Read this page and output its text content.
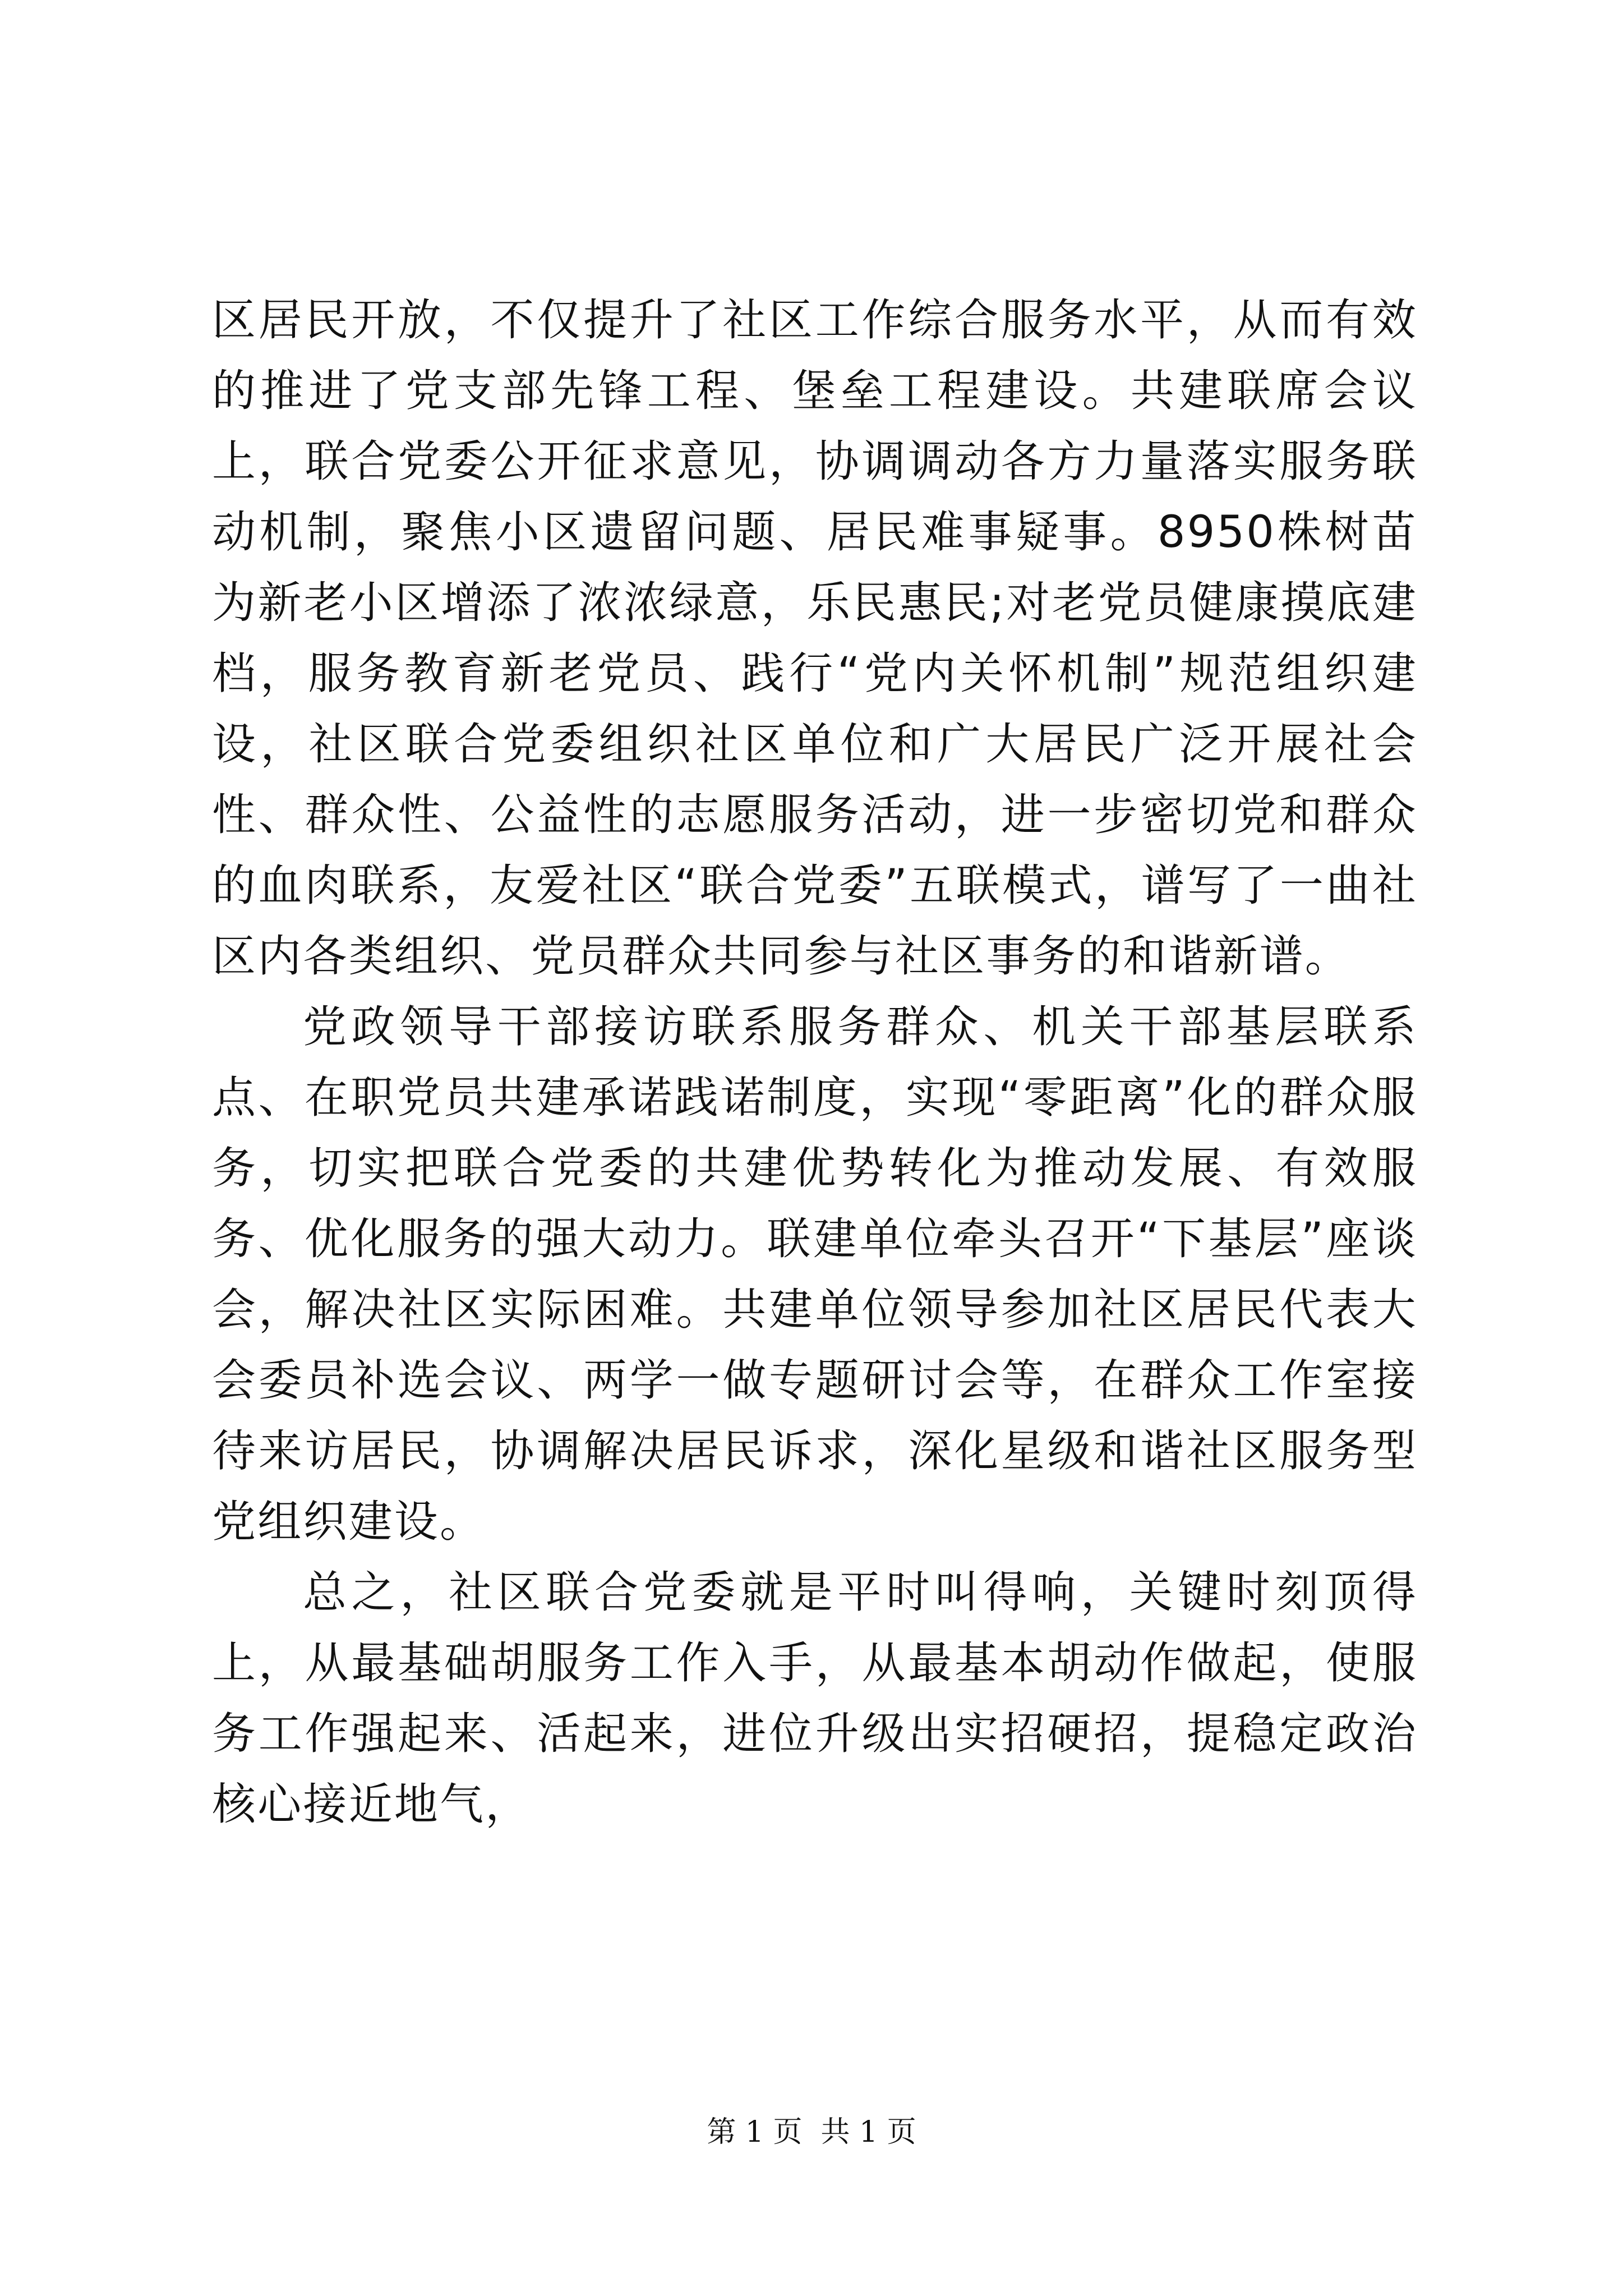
区居民开放，不仅提升了社区工作综合服务水平，从而有效的推进了党支部先锋工程、堡垒工程建设。共建联席会议上，联合党委公开征求意见，协调调动各方力量落实服务联动机制，聚焦小区遗留问题、居民难事疑事。8950株树苗为新老小区增添了浓浓绿意，乐民惠民;对老党员健康摸底建档，服务教育新老党员、践行“党内关怀机制”规范组织建设，社区联合党委组织社区单位和广大居民广泛开展社会性、群众性、公益性的志愿服务活动，进一步密切党和群众的血肉联系，友爱社区“联合党委”五联模式，谱写了一曲社区内各类组织、党员群众共同参与社区事务的和谐新谱。

党政领导干部接访联系服务群众、机关干部基层联系点、在职党员共建承诺践诺制度，实现“零距离”化的群众服务，切实把联合党委的共建优势转化为推动发展、有效服务、优化服务的强大动力。联建单位牵头召开“下基层”座谈会，解决社区实际困难。共建单位领导参加社区居民代表大会委员补选会议、两学一做专题研讨会等，在群众工作室接待来访居民，协调解决居民诉求，深化星级和谐社区服务型党组织建设。

总之，社区联合党委就是平时叫得响，关键时刻顶得上，从最基础胡服务工作入手，从最基本胡动作做起，使服务工作强起来、活起来，进位升级出实招硬招，提稳定政治核心接近地气，

第 1 页  共 1 页
